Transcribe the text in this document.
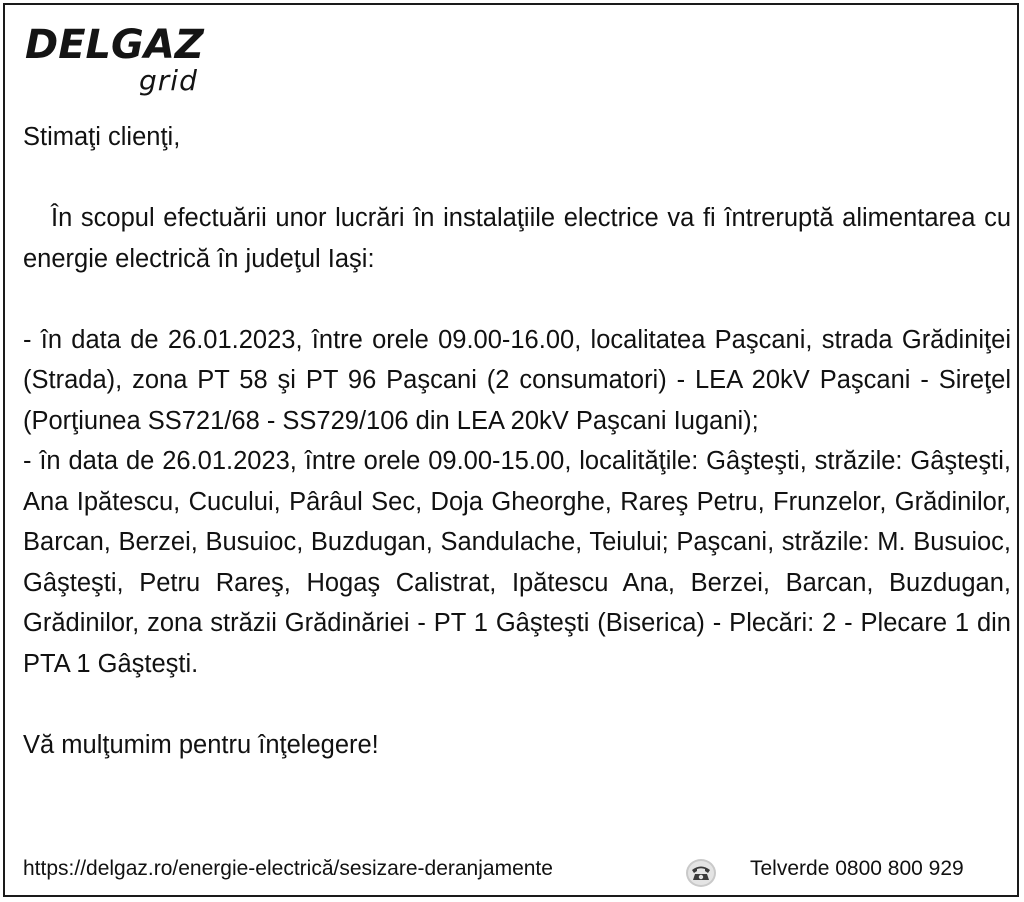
DELGAZ
grid

Stimaţi clienţi,

În scopul efectuării unor lucrări în instalaţiile electrice va fi întreruptă alimentarea cu energie electrică în judeţul Iaşi:

- în data de 26.01.2023, între orele 09.00-16.00, localitatea Paşcani, strada Grădiniţei (Strada), zona PT 58 şi PT 96 Paşcani (2 consumatori) - LEA 20kV Paşcani - Sireţel (Porţiunea SS721/68 - SS729/106 din LEA 20kV Paşcani Iugani);

- în data de 26.01.2023, între orele 09.00-15.00, localităţile: Gâşteşti, străzile: Gâşteşti, Ana Ipătescu, Cucului, Pârâul Sec, Doja Gheorghe, Rareş Petru, Frunzelor, Grădinilor, Barcan, Berzei, Busuioc, Buzdugan, Sandulache, Teiului; Paşcani, străzile: M. Busuioc, Gâşteşti, Petru Rareş, Hogaş Calistrat, Ipătescu Ana, Berzei, Barcan, Buzdugan, Grădinilor, zona străzii Grădinăriei - PT 1 Gâşteşti (Biserica) - Plecări: 2 - Plecare 1 din PTA 1 Gâşteşti.

Vă mulţumim pentru înţelegere!

https://delgaz.ro/energie-electrică/sesizare-deranjamente	Telverde 0800 800 929
